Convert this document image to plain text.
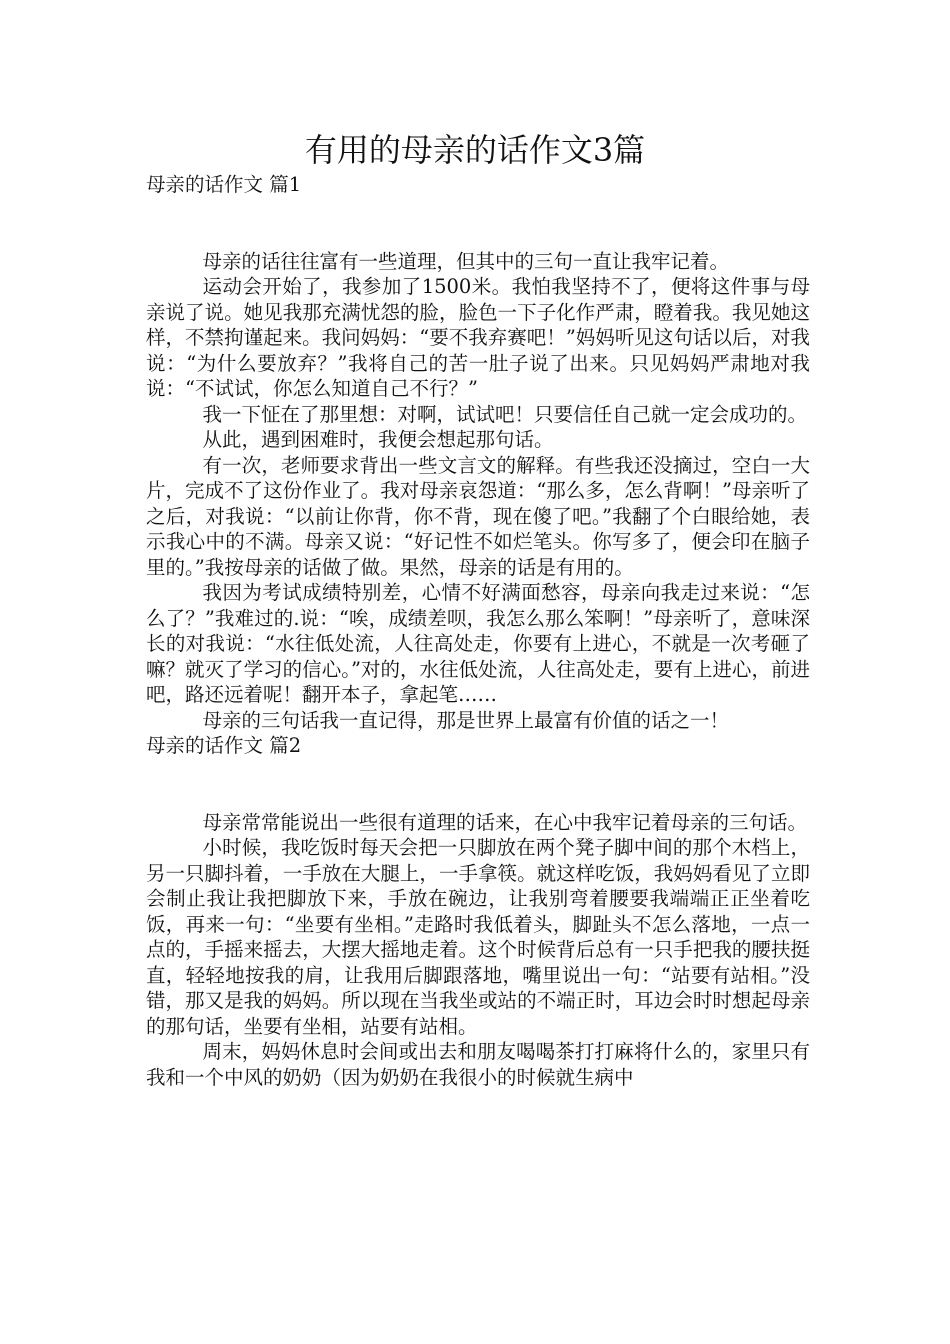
有用的母亲的话作文3篇
母亲的话作文 篇1

母亲的话往往富有一些道理，但其中的三句一直让我牢记着。

运动会开始了，我参加了1500米。我怕我坚持不了，便将这件事与母亲说了说。她见我那充满忧怨的脸，脸色一下子化作严肃，瞪着我。我见她这样，不禁拘谨起来。我问妈妈：“要不我弃赛吧！”妈妈听见这句话以后，对我说：“为什么要放弃？”我将自己的苦一肚子说了出来。只见妈妈严肃地对我说：“不试试，你怎么知道自己不行？”

我一下怔在了那里想：对啊，试试吧！只要信任自己就一定会成功的。

从此，遇到困难时，我便会想起那句话。

有一次，老师要求背出一些文言文的解释。有些我还没摘过，空白一大片，完成不了这份作业了。我对母亲哀怨道：“那么多，怎么背啊！”母亲听了之后，对我说：“以前让你背，你不背，现在傻了吧。”我翻了个白眼给她，表示我心中的不满。母亲又说：“好记性不如烂笔头。你写多了，便会印在脑子里的。”我按母亲的话做了做。果然，母亲的话是有用的。

我因为考试成绩特别差，心情不好满面愁容，母亲向我走过来说：“怎么了？”我难过的.说：“唉，成绩差呗，我怎么那么笨啊！”母亲听了，意味深长的对我说：“水往低处流，人往高处走，你要有上进心，不就是一次考砸了嘛？就灭了学习的信心。”对的，水往低处流，人往高处走，要有上进心，前进吧，路还远着呢！翻开本子，拿起笔……

母亲的三句话我一直记得，那是世界上最富有价值的话之一！

母亲的话作文 篇2

母亲常常能说出一些很有道理的话来，在心中我牢记着母亲的三句话。

小时候，我吃饭时每天会把一只脚放在两个凳子脚中间的那个木档上，另一只脚抖着，一手放在大腿上，一手拿筷。就这样吃饭，我妈妈看见了立即会制止我让我把脚放下来，手放在碗边，让我别弯着腰要我端端正正坐着吃饭，再来一句：“坐要有坐相。”走路时我低着头，脚趾头不怎么落地，一点一点的，手摇来摇去，大摆大摇地走着。这个时候背后总有一只手把我的腰扶挺直，轻轻地按我的肩，让我用后脚跟落地，嘴里说出一句：“站要有站相。”没错，那又是我的妈妈。所以现在当我坐或站的不端正时，耳边会时时想起母亲的那句话，坐要有坐相，站要有站相。

周末，妈妈休息时会间或出去和朋友喝喝茶打打麻将什么的，家里只有我和一个中风的奶奶（因为奶奶在我很小的时候就生病中
